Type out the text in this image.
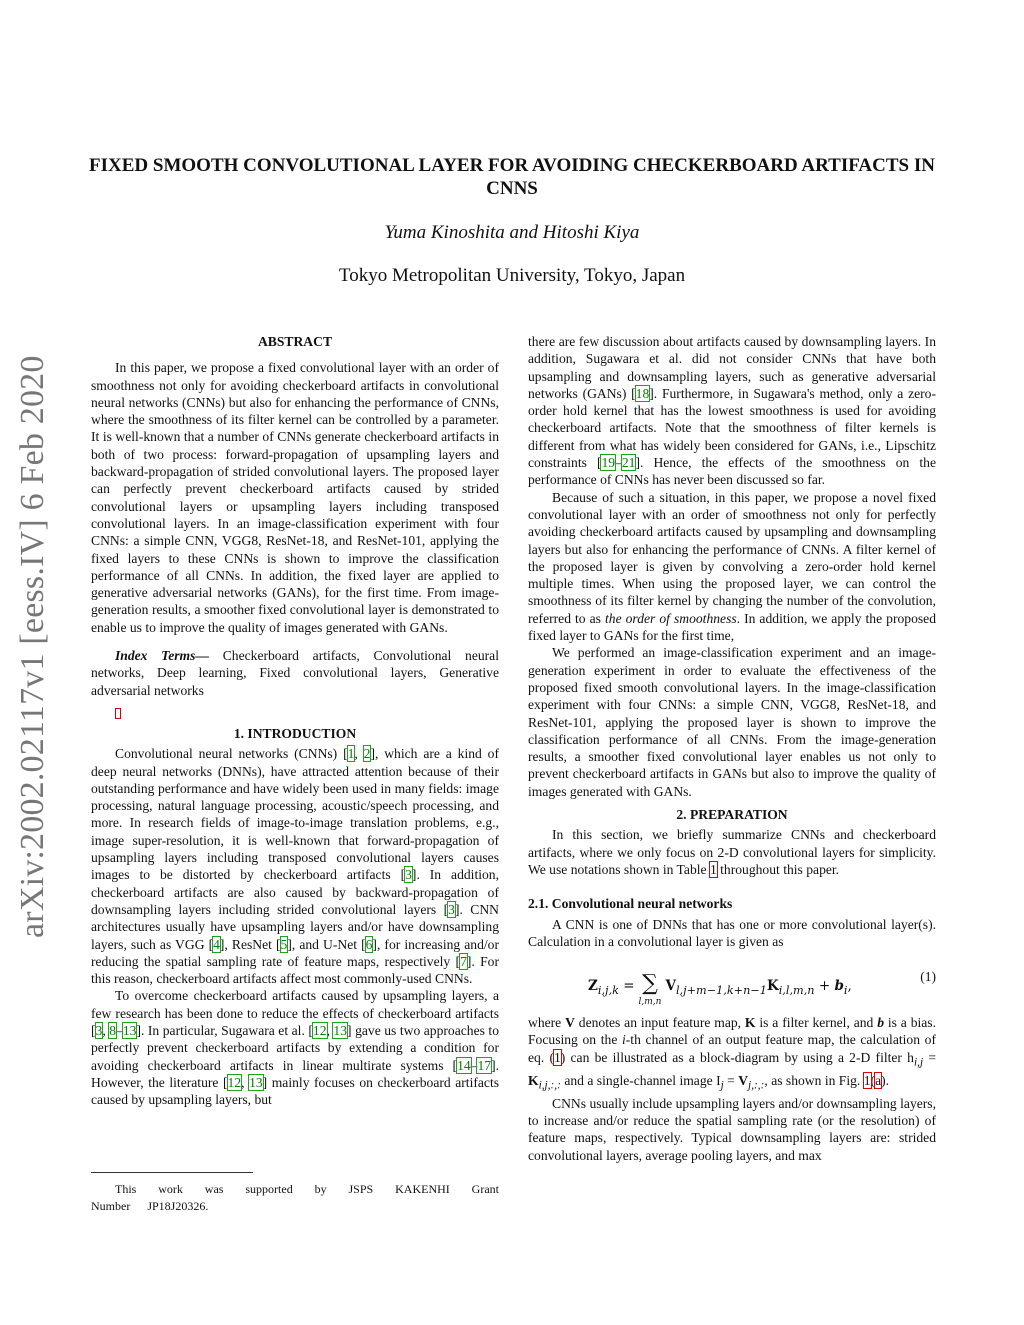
FIXED SMOOTH CONVOLUTIONAL LAYER FOR AVOIDING CHECKERBOARD ARTIFACTS IN CNNS
Yuma Kinoshita and Hitoshi Kiya
Tokyo Metropolitan University, Tokyo, Japan
arXiv:2002.02117v1 [eess.IV] 6 Feb 2020
ABSTRACT

In this paper, we propose a fixed convolutional layer with an order of smoothness not only for avoiding checkerboard artifacts in convolutional neural networks (CNNs) but also for enhancing the performance of CNNs, where the smoothness of its filter kernel can be controlled by a parameter. It is well-known that a number of CNNs generate checkerboard artifacts in both of two process: forward-propagation of upsampling layers and backward-propagation of strided convolutional layers. The proposed layer can perfectly prevent checkerboard artifacts caused by strided convolutional layers or upsampling layers including transposed convolutional layers. In an image-classification experiment with four CNNs: a simple CNN, VGG8, ResNet-18, and ResNet-101, applying the fixed layers to these CNNs is shown to improve the classification performance of all CNNs. In addition, the fixed layer are applied to generative adversarial networks (GANs), for the first time. From image-generation results, a smoother fixed convolutional layer is demonstrated to enable us to improve the quality of images generated with GANs.

Index Terms— Checkerboard artifacts, Convolutional neural networks, Deep learning, Fixed convolutional layers, Generative adversarial networks

1. INTRODUCTION

Convolutional neural networks (CNNs) [1, 2], which are a kind of deep neural networks (DNNs), have attracted attention because of their outstanding performance and have widely been used in many fields: image processing, natural language processing, acoustic/speech processing, and more. In research fields of image-to-image translation problems, e.g., image super-resolution, it is well-known that forward-propagation of upsampling layers including transposed convolutional layers causes images to be distorted by checkerboard artifacts [3]. In addition, checkerboard artifacts are also caused by backward-propagation of downsampling layers including strided convolutional layers [3]. CNN architectures usually have upsampling layers and/or have downsampling layers, such as VGG [4], ResNet [5], and U-Net [6], for increasing and/or reducing the spatial sampling rate of feature maps, respectively [7]. For this reason, checkerboard artifacts affect most commonly-used CNNs.

To overcome checkerboard artifacts caused by upsampling layers, a few research has been done to reduce the effects of checkerboard artifacts [3, 8–13]. In particular, Sugawara et al. [12, 13] gave us two approaches to perfectly prevent checkerboard artifacts by extending a condition for avoiding checkerboard artifacts in linear multirate systems [14–17]. However, the literature [12, 13] mainly focuses on checkerboard artifacts caused by upsampling layers, but

there are few discussion about artifacts caused by downsampling layers. In addition, Sugawara et al. did not consider CNNs that have both upsampling and downsampling layers, such as generative adversarial networks (GANs) [18]. Furthermore, in Sugawara's method, only a zero-order hold kernel that has the lowest smoothness is used for avoiding checkerboard artifacts. Note that the smoothness of filter kernels is different from what has widely been considered for GANs, i.e., Lipschitz constraints [19–21]. Hence, the effects of the smoothness on the performance of CNNs has never been discussed so far.

Because of such a situation, in this paper, we propose a novel fixed convolutional layer with an order of smoothness not only for perfectly avoiding checkerboard artifacts caused by upsampling and downsampling layers but also for enhancing the performance of CNNs. A filter kernel of the proposed layer is given by convolving a zero-order hold kernel multiple times. When using the proposed layer, we can control the smoothness of its filter kernel by changing the number of the convolution, referred to as the order of smoothness. In addition, we apply the proposed fixed layer to GANs for the first time,

We performed an image-classification experiment and an image-generation experiment in order to evaluate the effectiveness of the proposed fixed smooth convolutional layers. In the image-classification experiment with four CNNs: a simple CNN, VGG8, ResNet-18, and ResNet-101, applying the proposed layer is shown to improve the classification performance of all CNNs. From the image-generation results, a smoother fixed convolutional layer enables us not only to prevent checkerboard artifacts in GANs but also to improve the quality of images generated with GANs.

2. PREPARATION

In this section, we briefly summarize CNNs and checkerboard artifacts, where we only focus on 2-D convolutional layers for simplicity. We use notations shown in Table 1 throughout this paper.

2.1. Convolutional neural networks

A CNN is one of DNNs that has one or more convolutional layer(s). Calculation in a convolutional layer is given as

$Z_{i,j,k}$ = ∑
l,m,n
$V_{l,j+m-1,k+n-1}K_{i,l,m,n} + b_i$,
(1)

where V denotes an input feature map, K is a filter kernel, and b is a bias. Focusing on the i-th channel of an output feature map, the calculation of eq. (1) can be illustrated as a block-diagram by using a 2-D filter $h_{i,j} = K_{i,j,:,:}$ and a single-channel image $I_j = V_{j,:,:}$, as shown in Fig. 1(a).

CNNs usually include upsampling layers and/or downsampling layers, to increase and/or reduce the spatial sampling rate (or the resolution) of feature maps, respectively. Typical downsampling layers are: strided convolutional layers, average pooling layers, and max

This work was supported by JSPS KAKENHI Grant Number JP18J20326.
